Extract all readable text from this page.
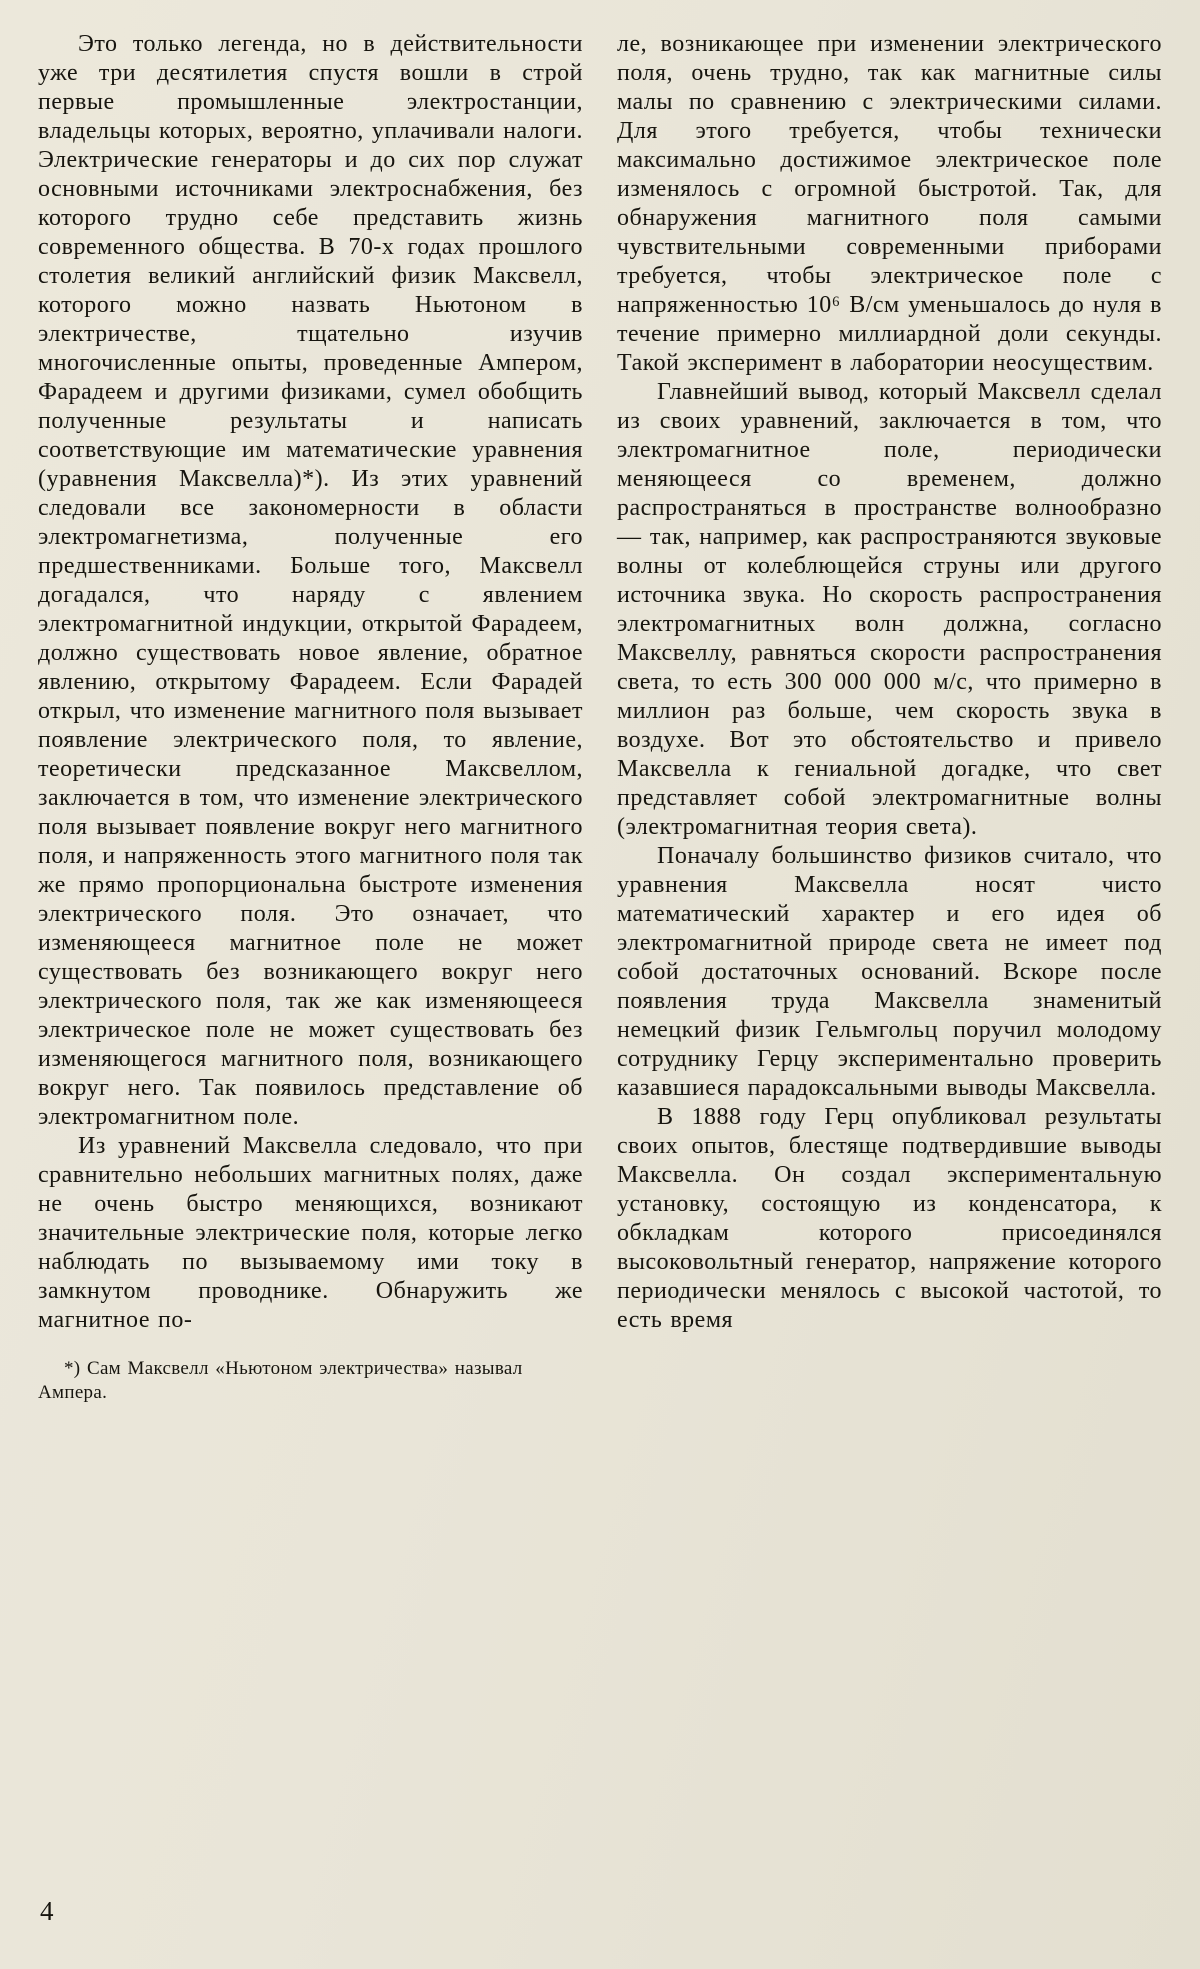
Это только легенда, но в действительности уже три десятилетия спустя вошли в строй первые промышленные электростанции, владельцы которых, вероятно, уплачивали налоги. Электрические генераторы и до сих пор служат основными источниками электроснабжения, без которого трудно себе представить жизнь современного общества. В 70-х годах прошлого столетия великий английский физик Максвелл, которого можно назвать Ньютоном в электричестве, тщательно изучив многочисленные опыты, проведенные Ампером, Фарадеем и другими физиками, сумел обобщить полученные результаты и написать соответствующие им математические уравнения (уравнения Максвелла)*). Из этих уравнений следовали все закономерности в области электромагнетизма, полученные его предшественниками. Больше того, Максвелл догадался, что наряду с явлением электромагнитной индукции, открытой Фарадеем, должно существовать новое явление, обратное явлению, открытому Фарадеем. Если Фарадей открыл, что изменение магнитного поля вызывает появление электрического поля, то явление, теоретически предсказанное Максвеллом, заключается в том, что изменение электрического поля вызывает появление вокруг него магнитного поля, и напряженность этого магнитного поля так же прямо пропорциональна быстроте изменения электрического поля. Это означает, что изменяющееся магнитное поле не может существовать без возникающего вокруг него электрического поля, так же как изменяющееся электрическое поле не может существовать без изменяющегося магнитного поля, возникающего вокруг него. Так появилось представление об электромагнитном поле.

Из уравнений Максвелла следовало, что при сравнительно небольших магнитных полях, даже не очень быстро меняющихся, возникают значительные электрические поля, которые легко наблюдать по вызываемому ими току в замкнутом проводнике. Обнаружить же магнитное по-

*) Сам Максвелл «Ньютоном электричества» называл Ампера.

ле, возникающее при изменении электрического поля, очень трудно, так как магнитные силы малы по сравнению с электрическими силами. Для этого требуется, чтобы технически максимально достижимое электрическое поле изменялось с огромной быстротой. Так, для обнаружения магнитного поля самыми чувствительными современными приборами требуется, чтобы электрическое поле с напряженностью 10⁶ В/см уменьшалось до нуля в течение примерно миллиардной доли секунды. Такой эксперимент в лаборатории неосуществим.

Главнейший вывод, который Максвелл сделал из своих уравнений, заключается в том, что электромагнитное поле, периодически меняющееся со временем, должно распространяться в пространстве волнообразно — так, например, как распространяются звуковые волны от колеблющейся струны или другого источника звука. Но скорость распространения электромагнитных волн должна, согласно Максвеллу, равняться скорости распространения света, то есть 300 000 000 м/с, что примерно в миллион раз больше, чем скорость звука в воздухе. Вот это обстоятельство и привело Максвелла к гениальной догадке, что свет представляет собой электромагнитные волны (электромагнитная теория света).

Поначалу большинство физиков считало, что уравнения Максвелла носят чисто математический характер и его идея об электромагнитной природе света не имеет под собой достаточных оснований. Вскоре после появления труда Максвелла знаменитый немецкий физик Гельмгольц поручил молодому сотруднику Герцу экспериментально проверить казавшиеся парадоксальными выводы Максвелла.

В 1888 году Герц опубликовал результаты своих опытов, блестяще подтвердившие выводы Максвелла. Он создал экспериментальную установку, состоящую из конденсатора, к обкладкам которого присоединялся высоковольтный генератор, напряжение которого периодически менялось с высокой частотой, то есть время

4
